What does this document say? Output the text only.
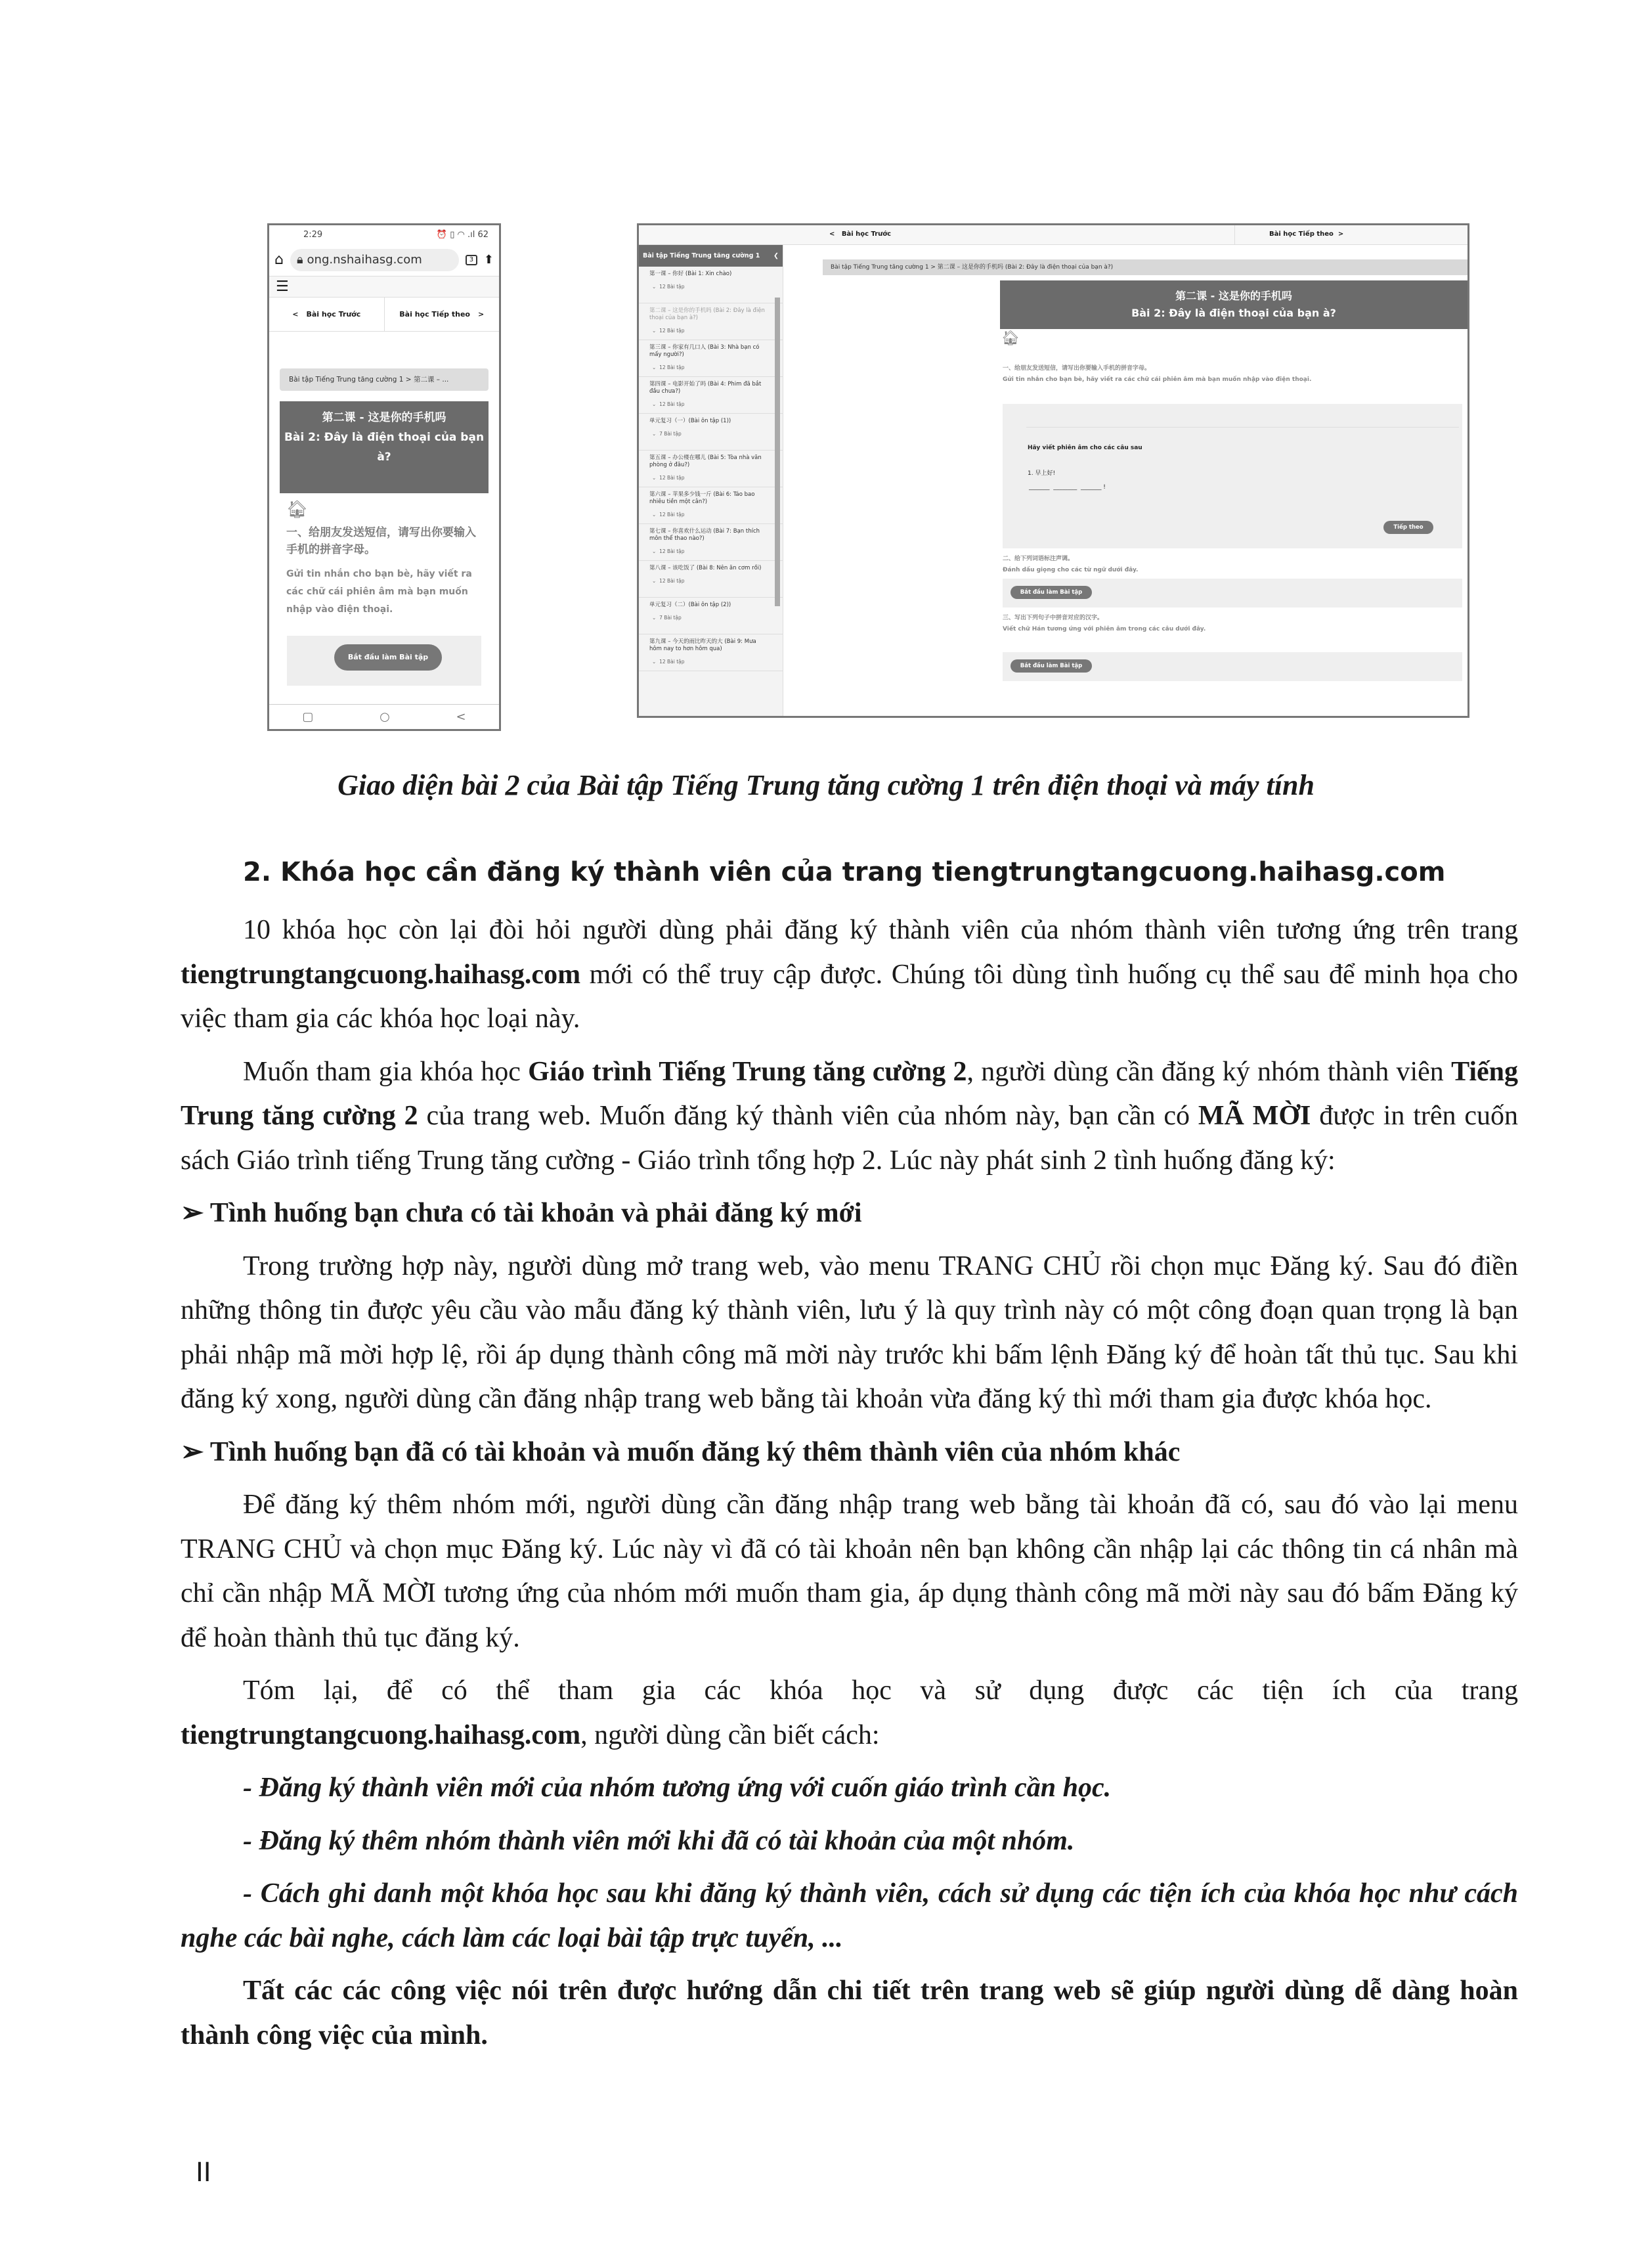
2:29	⏰ ▯ ◠ .ıl 62
⌂ 🔒︎ ong.nshaihasg.com	3 ⬆
☰
< Bài học Trước	Bài học Tiếp theo >
Bài tập Tiếng Trung tăng cường 1 > 第二课 – ...
第二课 - 这是你的手机吗
Bài 2: Đây là điện thoại của bạn à?
🏠︎
一、给朋友发送短信，请写出你要输入手机的拼音字母。
Gửi tin nhắn cho bạn bè, hãy viết ra các chữ cái phiên âm mà bạn muốn nhập vào điện thoại.
Bắt đầu làm Bài tập
▢	○	<
<   Bài học Trước	Bài học Tiếp theo  >
Bài tập Tiếng Trung tăng cường 1 ❮
第一课 – 你好 (Bài 1: Xin chào)
⌄  12 Bài tập
第二课 – 这是你的手机吗 (Bài 2: Đây là điện thoại của bạn à?)
⌄  12 Bài tập
第三课 – 你家有几口人 (Bài 3: Nhà bạn có mấy người?)
⌄  12 Bài tập
第四课 – 电影开始了吗 (Bài 4: Phim đã bắt đầu chưa?)
⌄  12 Bài tập
单元复习（一）(Bài ôn tập (1))
⌄  7 Bài tập
第五课 – 办公楼在哪儿 (Bài 5: Tòa nhà văn phòng ở đâu?)
⌄  12 Bài tập
第六课 – 苹果多少钱一斤 (Bài 6: Táo bao nhiêu tiền một cân?)
⌄  12 Bài tập
第七课 – 你喜欢什么运动 (Bài 7: Bạn thích môn thể thao nào?)
⌄  12 Bài tập
第八课 – 该吃饭了 (Bài 8: Nên ăn cơm rồi)
⌄  12 Bài tập
单元复习（二）(Bài ôn tập (2))
⌄  7 Bài tập
第九课 – 今天的雨比昨天的大 (Bài 9: Mưa hôm nay to hơn hôm qua)
⌄  12 Bài tập
Bài tập Tiếng Trung tăng cường 1 > 第二课 – 这是你的手机吗 (Bài 2: Đây là điện thoại của bạn à?)
第二课 - 这是你的手机吗
Bài 2: Đây là điện thoại của bạn à?
🏠︎
一、给朋友发送短信，请写出你要输入手机的拼音字母。
Gửi tin nhắn cho bạn bè, hãy viết ra các chữ cái phiên âm mà bạn muốn nhập vào điện thoại.
Hãy viết phiên âm cho các câu sau
1. 早上好!
_______  ________  _______ !
Tiếp theo
二、给下列词语标注声调。
Đánh dấu giọng cho các từ ngữ dưới đây.
Bắt đầu làm Bài tập
三、写出下列句子中拼音对应的汉字。
Viết chữ Hán tương ứng với phiên âm trong các câu dưới đây.
Bắt đầu làm Bài tập
Giao diện bài 2 của Bài tập Tiếng Trung tăng cường 1 trên điện thoại và máy tính
2. Khóa học cần đăng ký thành viên của trang tiengtrungtangcuong.haihasg.com

10 khóa học còn lại đòi hỏi người dùng phải đăng ký thành viên của nhóm thành viên tương ứng trên trang tiengtrungtangcuong.haihasg.com mới có thể truy cập được. Chúng tôi dùng tình huống cụ thể sau để minh họa cho việc tham gia các khóa học loại này.

Muốn tham gia khóa học Giáo trình Tiếng Trung tăng cường 2, người dùng cần đăng ký nhóm thành viên Tiếng Trung tăng cường 2 của trang web. Muốn đăng ký thành viên của nhóm này, bạn cần có MÃ MỜI được in trên cuốn sách Giáo trình tiếng Trung tăng cường - Giáo trình tổng hợp 2. Lúc này phát sinh 2 tình huống đăng ký:

➢ Tình huống bạn chưa có tài khoản và phải đăng ký mới

Trong trường hợp này, người dùng mở trang web, vào menu TRANG CHỦ rồi chọn mục Đăng ký. Sau đó điền những thông tin được yêu cầu vào mẫu đăng ký thành viên, lưu ý là quy trình này có một công đoạn quan trọng là bạn phải nhập mã mời hợp lệ, rồi áp dụng thành công mã mời này trước khi bấm lệnh Đăng ký để hoàn tất thủ tục. Sau khi đăng ký xong, người dùng cần đăng nhập trang web bằng tài khoản vừa đăng ký thì mới tham gia được khóa học.

➢ Tình huống bạn đã có tài khoản và muốn đăng ký thêm thành viên của nhóm khác

Để đăng ký thêm nhóm mới, người dùng cần đăng nhập trang web bằng tài khoản đã có, sau đó vào lại menu TRANG CHỦ và chọn mục Đăng ký. Lúc này vì đã có tài khoản nên bạn không cần nhập lại các thông tin cá nhân mà chỉ cần nhập MÃ MỜI tương ứng của nhóm mới muốn tham gia, áp dụng thành công mã mời này sau đó bấm Đăng ký để hoàn thành thủ tục đăng ký.

Tóm lại, để có thể tham gia các khóa học và sử dụng được các tiện ích của trang tiengtrungtangcuong.haihasg.com, người dùng cần biết cách:

- Đăng ký thành viên mới của nhóm tương ứng với cuốn giáo trình cần học.

- Đăng ký thêm nhóm thành viên mới khi đã có tài khoản của một nhóm.

- Cách ghi danh một khóa học sau khi đăng ký thành viên, cách sử dụng các tiện ích của khóa học như cách nghe các bài nghe, cách làm các loại bài tập trực tuyến, ...

Tất các các công việc nói trên được hướng dẫn chi tiết trên trang web sẽ giúp người dùng dễ dàng hoàn thành công việc của mình.

II
